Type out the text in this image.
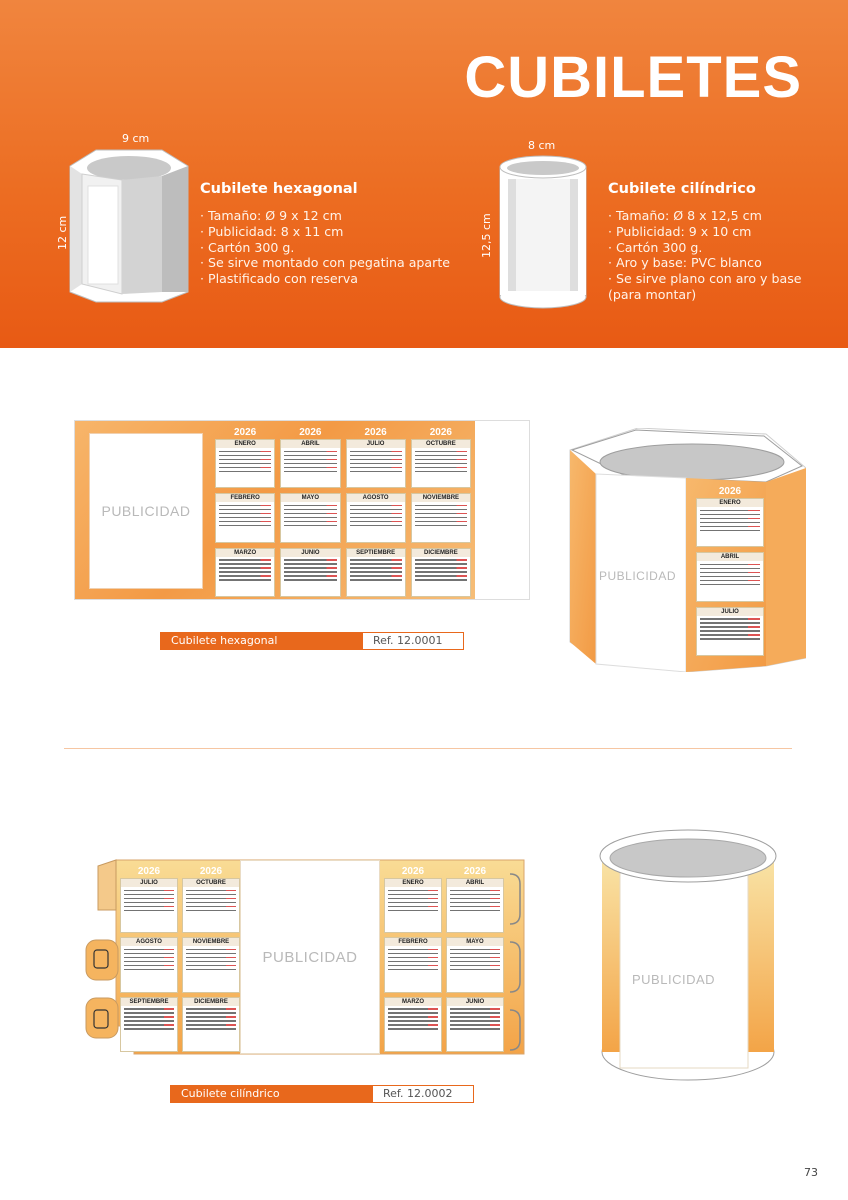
CUBILETES
9 cm
12 cm
Cubilete hexagonal
· Tamaño: Ø 9 x 12 cm
· Publicidad: 8 x 11 cm
· Cartón 300 g.
· Se sirve montado con pegatina aparte
· Plastificado con reserva
8 cm
12,5 cm
Cubilete cilíndrico
· Tamaño: Ø 8 x 12,5 cm
· Publicidad: 9 x 10 cm
· Cartón 300 g.
· Aro y base: PVC blanco
· Se sirve plano con aro y base
(para montar)
PUBLICIDAD
2026	2026	2026	2026
ENERO	ABRIL	JULIO	OCTUBRE
FEBRERO	MAYO	AGOSTO	NOVIEMBRE
MARZO	JUNIO	SEPTIEMBRE	DICIEMBRE
Cubilete hexagonal	Ref. 12.0001
PUBLICIDAD
2026
ENERO
ABRIL
JULIO
PUBLICIDAD
2026	2026
JULIO	OCTUBRE
AGOSTO	NOVIEMBRE
SEPTIEMBRE	DICIEMBRE
2026	2026
ENERO	ABRIL
FEBRERO	MAYO
MARZO	JUNIO
Cubilete cilíndrico	Ref. 12.0002
PUBLICIDAD
73
